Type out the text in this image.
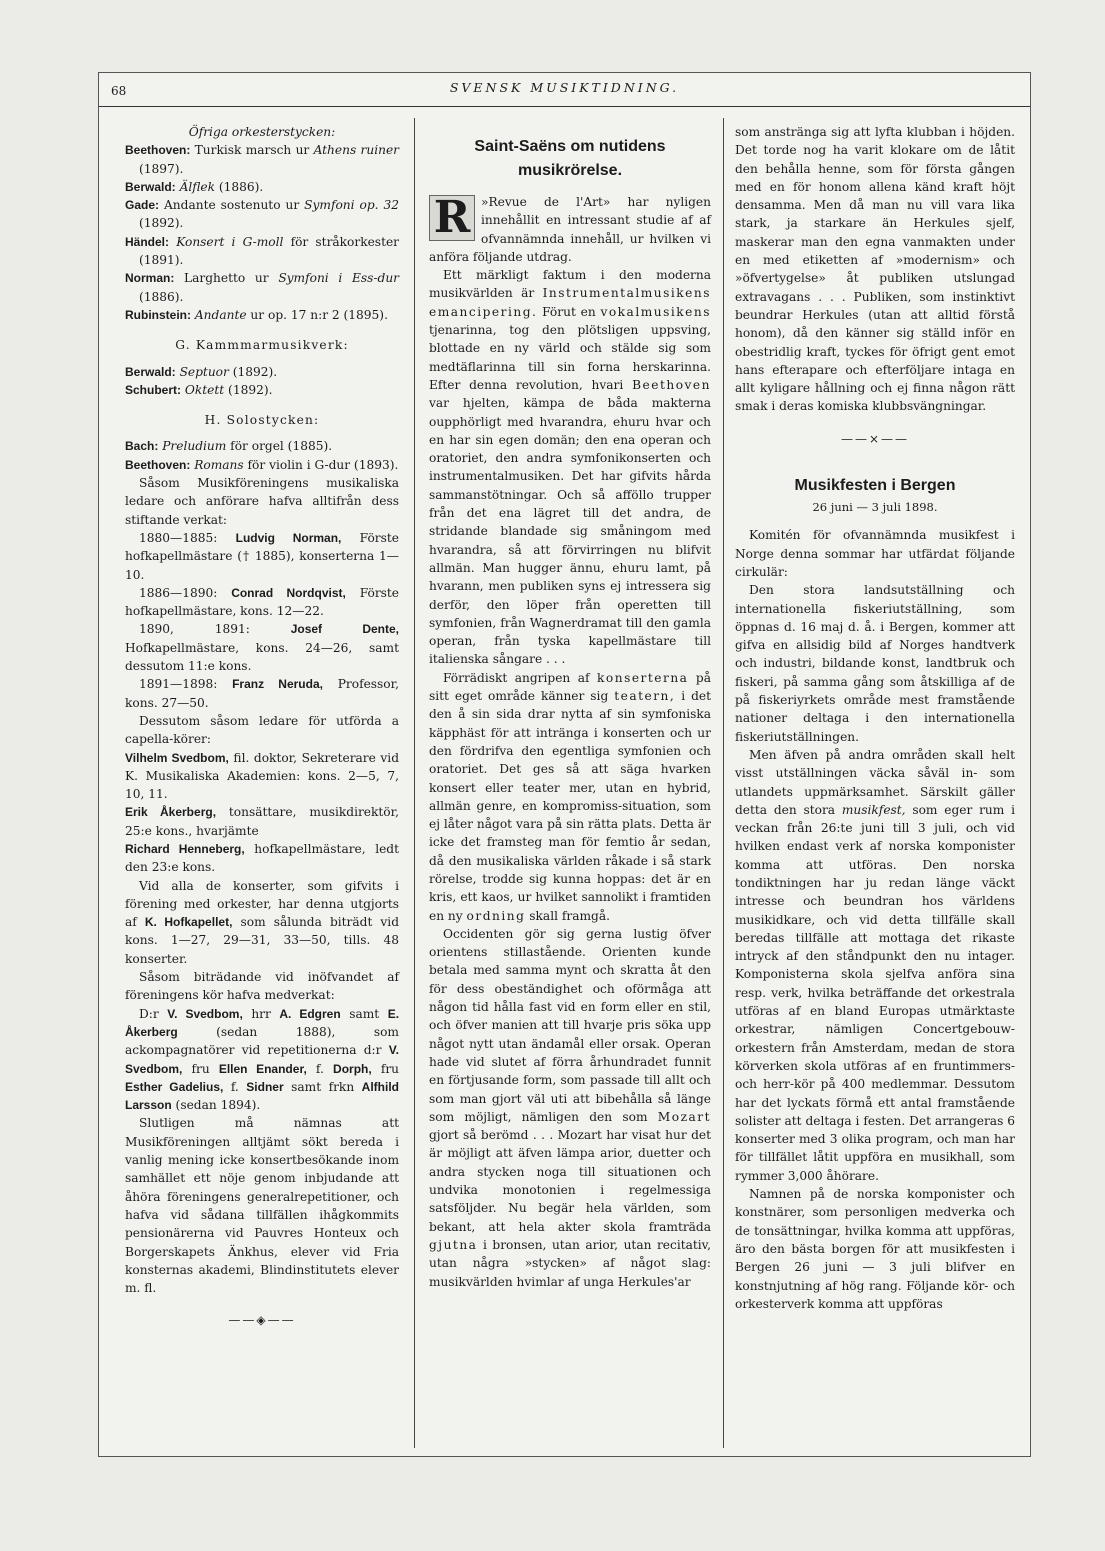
68	SVENSK MUSIKTIDNING.

Öfriga orkesterstycken:

Beethoven: Turkisk marsch ur Athens ruiner (1897).

Berwald: Älflek (1886).

Gade: Andante sostenuto ur Symfoni op. 32 (1892).

Händel: Konsert i G-moll för stråkorkester (1891).

Norman: Larghetto ur Symfoni i Ess-dur (1886).

Rubinstein: Andante ur op. 17 n:r 2 (1895).

G. Kammmarmusikverk:

Berwald: Septuor (1892).

Schubert: Oktett (1892).

H. Solostycken:

Bach: Preludium för orgel (1885).

Beethoven: Romans för violin i G-dur (1893).

Såsom Musikföreningens musikaliska ledare och anförare hafva alltifrån dess stiftande verkat:

1880—1885: Ludvig Norman, Förste hofkapellmästare († 1885), konserterna 1—10.

1886—1890: Conrad Nordqvist, Förste hofkapellmästare, kons. 12—22.

1890, 1891:	Josef Dente, Hofkapellmästare, kons. 24—26, samt dessutom 11:e kons.

1891—1898: Franz Neruda, Professor, kons. 27—50.

Dessutom såsom ledare för utförda a capella-körer:

Vilhelm Svedbom, fil. doktor, Sekreterare vid K. Musikaliska Akademien: kons. 2—5, 7, 10, 11.

Erik Åkerberg, tonsättare, musikdirektör, 25:e kons., hvarjämte

Richard Henneberg, hofkapellmästare, ledt den 23:e kons.

Vid alla de konserter, som gifvits i förening med orkester, har denna utgjorts af K. Hofkapellet, som sålunda biträdt vid kons. 1—27, 29—31, 33—50, tills. 48 konserter.

Såsom biträdande vid inöfvandet af föreningens kör hafva medverkat:

D:r V. Svedbom, hrr A. Edgren samt E. Åkerberg (sedan 1888), som ackompagnatörer vid repetitionerna d:r V. Svedbom, fru Ellen Enander, f. Dorph, fru Esther Gadelius, f. Sidner samt frkn Alfhild Larsson (sedan 1894).

Slutligen må nämnas att Musikföreningen alltjämt sökt bereda i vanlig mening icke konsertbesökande inom samhället ett nöje genom inbjudande att åhöra föreningens generalrepetitioner, och hafva vid sådana tillfällen ihågkommits pensionärerna vid Pauvres Honteux och Borgerskapets Änkhus, elever vid Fria konsternas akademi, Blindinstitutets elever m. fl.

——◈——
Saint-Saëns om nutidens musikrörelse.

R »Revue de l'Art» har nyligen innehållit en intressant studie af af ofvannämnda innehåll, ur hvilken vi anföra följande utdrag.

Ett märkligt faktum i den moderna musikvärlden är Instrumentalmusikens emancipering. Förut en vokalmusikens tjenarinna, tog den plötsligen uppsving, blottade en ny värld och stälde sig som medtäflarinna till sin forna herskarinna. Efter denna revolution, hvari Beethoven var hjelten, kämpa de båda makterna oupphörligt med hvarandra, ehuru hvar och en har sin egen domän; den ena operan och oratoriet, den andra symfonikonserten och instrumentalmusiken. Det har gifvits hårda sammanstötningar. Och så afföllo trupper från det ena lägret till det andra, de stridande blandade sig småningom med hvarandra, så att förvirringen nu blifvit allmän. Man hugger ännu, ehuru lamt, på hvarann, men publiken syns ej intressera sig derför, den löper från operetten till symfonien, från Wagnerdramat till den gamla operan, från tyska kapellmästare till italienska sångare . . .

Förrädiskt angripen af konserterna på sitt eget område känner sig teatern, i det den å sin sida drar nytta af sin symfoniska käpphäst för att intränga i konserten och ur den fördrifva den egentliga symfonien och oratoriet. Det ges så att säga hvarken konsert eller teater mer, utan en hybrid, allmän genre, en kompromiss-situation, som ej låter något vara på sin rätta plats. Detta är icke det framsteg man för femtio år sedan, då den musikaliska världen råkade i så stark rörelse, trodde sig kunna hoppas: det är en kris, ett kaos, ur hvilket sannolikt i framtiden en ny ordning skall framgå.

Occidenten gör sig gerna lustig öfver orientens stillastående. Orienten kunde betala med samma mynt och skratta åt den för dess obeständighet och oförmåga att någon tid hålla fast vid en form eller en stil, och öfver manien att till hvarje pris söka upp något nytt utan ändamål eller orsak. Operan hade vid slutet af förra århundradet funnit en förtjusande form, som passade till allt och som man gjort väl uti att bibehålla så länge som möjligt, nämligen den som Mozart gjort så berömd . . . Mozart har visat hur det är möjligt att äfven lämpa arior, duetter och andra stycken noga till situationen och undvika monotonien i regelmessiga satsföljder. Nu begär hela världen, som bekant, att hela akter skola framträda gjutna i bronsen, utan arior, utan recitativ, utan några »stycken» af något slag: musikvärlden hvimlar af unga Herkules'ar

som anstränga sig att lyfta klubban i höjden. Det torde nog ha varit klokare om de låtit den behålla henne, som för första gången med en för honom allena känd kraft höjt densamma. Men då man nu vill vara lika stark, ja starkare än Herkules sjelf, maskerar man den egna vanmakten under en med etiketten af »modernism» och »öfvertygelse» åt publiken utslungad extravagans . . . Publiken, som instinktivt beundrar Herkules (utan att alltid förstå honom), då den känner sig ställd inför en obestridlig kraft, tyckes för öfrigt gent emot hans efterapare och efterföljare intaga en allt kyligare hållning och ej finna någon rätt smak i deras komiska klubbsvängningar.

——×——
Musikfesten i Bergen
26 juni — 3 juli 1898.

Komitén för ofvannämnda musikfest i Norge denna sommar har utfärdat följande cirkulär:

Den stora landsutställning och internationella fiskeriutställning, som öppnas d. 16 maj d. å. i Bergen, kommer att gifva en allsidig bild af Norges handtverk och industri, bildande konst, landtbruk och fiskeri, på samma gång som åtskilliga af de på fiskeriyrkets område mest framstående nationer deltaga i den internationella fiskeriutställningen.

Men äfven på andra områden skall helt visst utställningen väcka såväl in- som utlandets uppmärksamhet. Särskilt gäller detta den stora musikfest, som eger rum i veckan från 26:te juni till 3 juli, och vid hvilken endast verk af norska komponister komma att utföras. Den norska tondiktningen har ju redan länge väckt intresse och beundran hos världens musikidkare, och vid detta tillfälle skall beredas tillfälle att mottaga det rikaste intryck af den ståndpunkt den nu intager. Komponisterna skola sjelfva anföra sina resp. verk, hvilka beträffande det orkestrala utföras af en bland Europas utmärktaste orkestrar, nämligen Concertgebouw-orkestern från Amsterdam, medan de stora körverken skola utföras af en fruntimmers- och herr-kör på 400 medlemmar. Dessutom har det lyckats förmå ett antal framstående solister att deltaga i festen. Det arrangeras 6 konserter med 3 olika program, och man har för tillfället låtit uppföra en musikhall, som rymmer 3,000 åhörare.

Namnen på de norska komponister och konstnärer, som personligen medverka och de tonsättningar, hvilka komma att uppföras, äro den bästa borgen för att musikfesten i Bergen 26 juni — 3 juli blifver en konstnjutning af hög rang. Följande kör- och orkesterverk komma att uppföras
